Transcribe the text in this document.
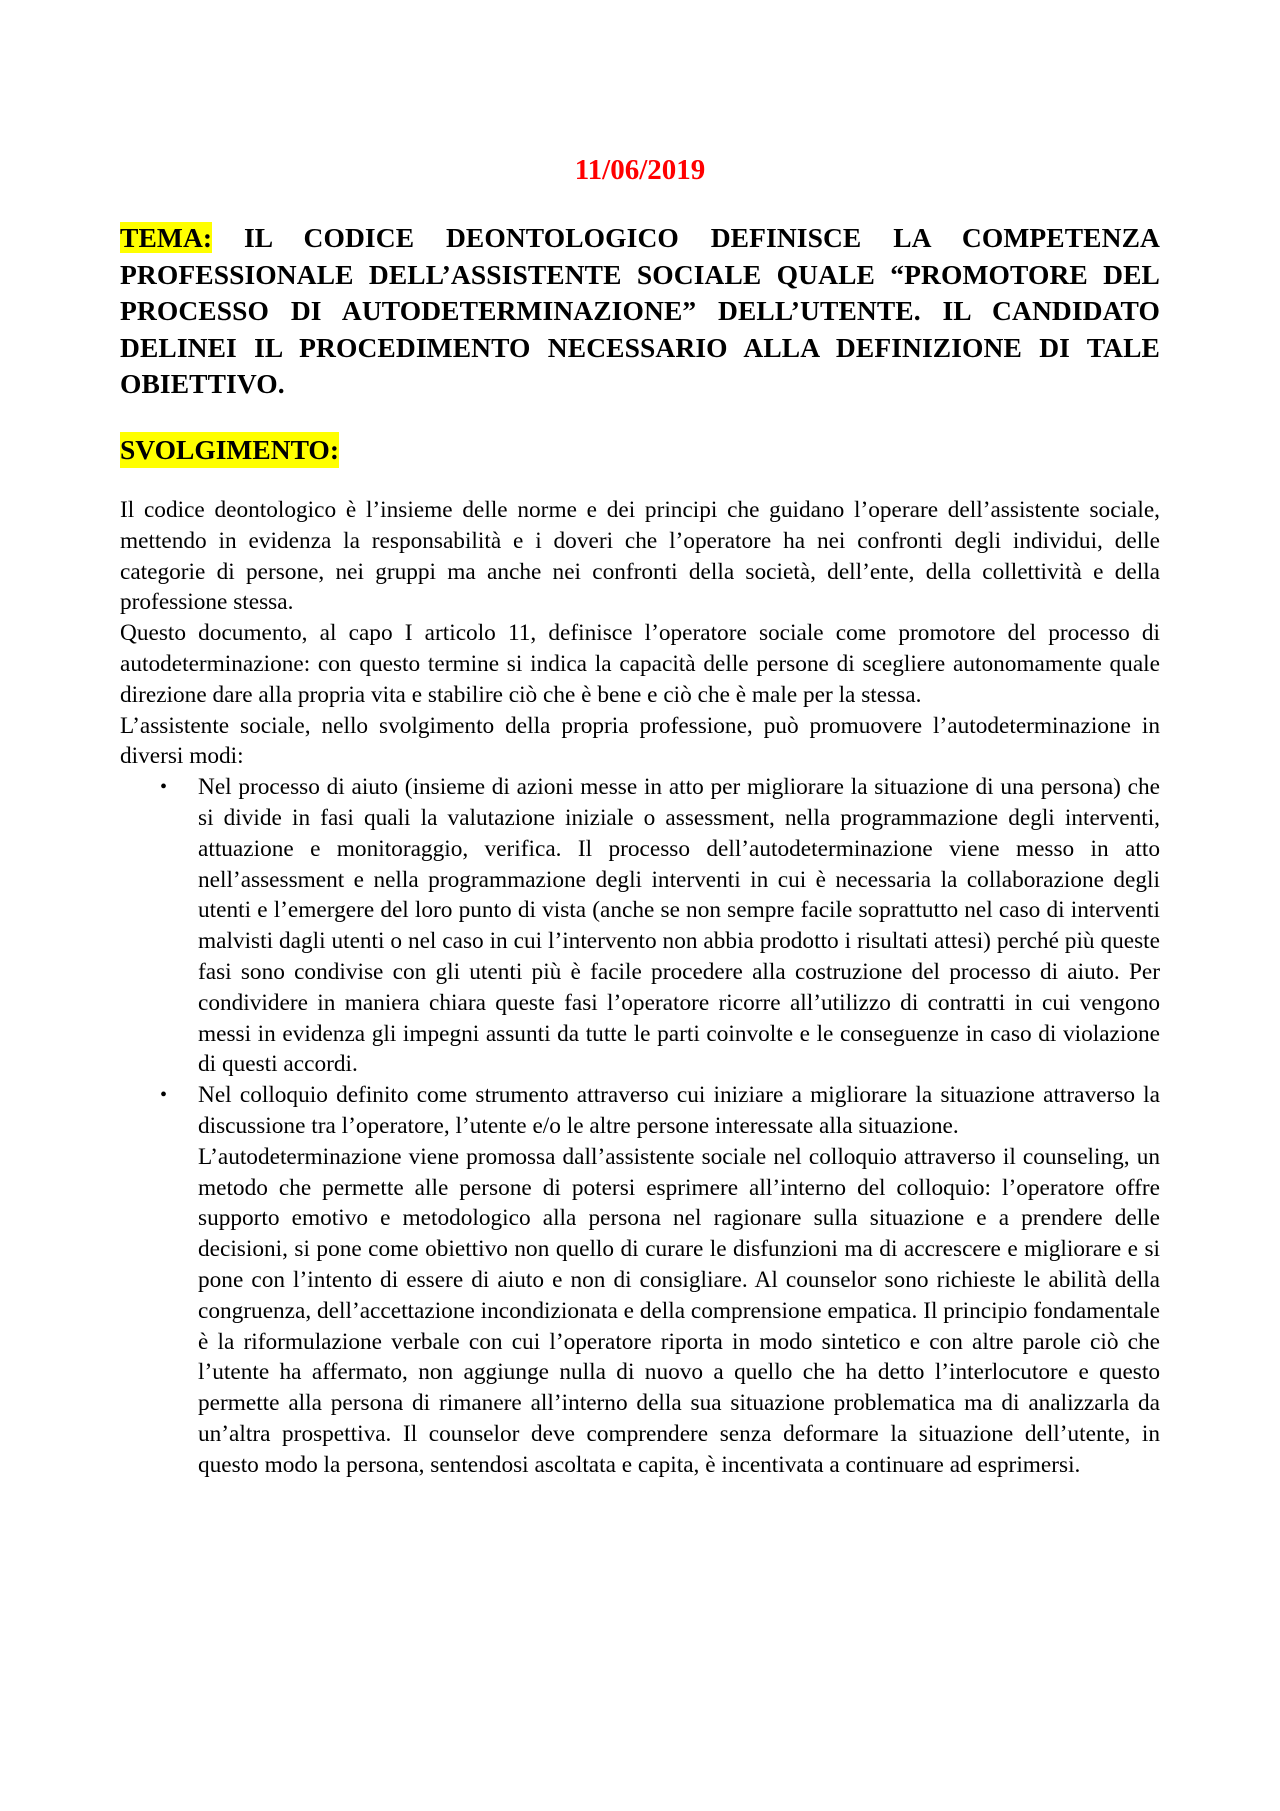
11/06/2019
TEMA: IL CODICE DEONTOLOGICO DEFINISCE LA COMPETENZA PROFESSIONALE DELL’ASSISTENTE SOCIALE QUALE “PROMOTORE DEL PROCESSO DI AUTODETERMINAZIONE” DELL’UTENTE. IL CANDIDATO DELINEI IL PROCEDIMENTO NECESSARIO ALLA DEFINIZIONE DI TALE OBIETTIVO.
SVOLGIMENTO:

Il codice deontologico è l’insieme delle norme e dei principi che guidano l’operare dell’assistente sociale, mettendo in evidenza la responsabilità e i doveri che l’operatore ha nei confronti degli individui, delle categorie di persone, nei gruppi ma anche nei confronti della società, dell’ente, della collettività e della professione stessa.

Questo documento, al capo I articolo 11, definisce l’operatore sociale come promotore del processo di autodeterminazione: con questo termine si indica la capacità delle persone di scegliere autonomamente quale direzione dare alla propria vita e stabilire ciò che è bene e ciò che è male per la stessa.

L’assistente sociale, nello svolgimento della propria professione, può promuovere l’autodeterminazione in diversi modi:

• Nel processo di aiuto (insieme di azioni messe in atto per migliorare la situazione di una persona) che si divide in fasi quali la valutazione iniziale o assessment, nella programmazione degli interventi, attuazione e monitoraggio, verifica. Il processo dell’autodeterminazione viene messo in atto nell’assessment e nella programmazione degli interventi in cui è necessaria la collaborazione degli utenti e l’emergere del loro punto di vista (anche se non sempre facile soprattutto nel caso di interventi malvisti dagli utenti o nel caso in cui l’intervento non abbia prodotto i risultati attesi) perché più queste fasi sono condivise con gli utenti più è facile procedere alla costruzione del processo di aiuto. Per condividere in maniera chiara queste fasi l’operatore ricorre all’utilizzo di contratti in cui vengono messi in evidenza gli impegni assunti da tutte le parti coinvolte e le conseguenze in caso di violazione di questi accordi.
• Nel colloquio definito come strumento attraverso cui iniziare a migliorare la situazione attraverso la discussione tra l’operatore, l’utente e/o le altre persone interessate alla situazione.
L’autodeterminazione viene promossa dall’assistente sociale nel colloquio attraverso il counseling, un metodo che permette alle persone di potersi esprimere all’interno del colloquio: l’operatore offre supporto emotivo e metodologico alla persona nel ragionare sulla situazione e a prendere delle decisioni, si pone come obiettivo non quello di curare le disfunzioni ma di accrescere e migliorare e si pone con l’intento di essere di aiuto e non di consigliare. Al counselor sono richieste le abilità della congruenza, dell’accettazione incondizionata e della comprensione empatica. Il principio fondamentale è la riformulazione verbale con cui l’operatore riporta in modo sintetico e con altre parole ciò che l’utente ha affermato, non aggiunge nulla di nuovo a quello che ha detto l’interlocutore e questo permette alla persona di rimanere all’interno della sua situazione problematica ma di analizzarla da un’altra prospettiva. Il counselor deve comprendere senza deformare la situazione dell’utente, in questo modo la persona, sentendosi ascoltata e capita, è incentivata a continuare ad esprimersi.
